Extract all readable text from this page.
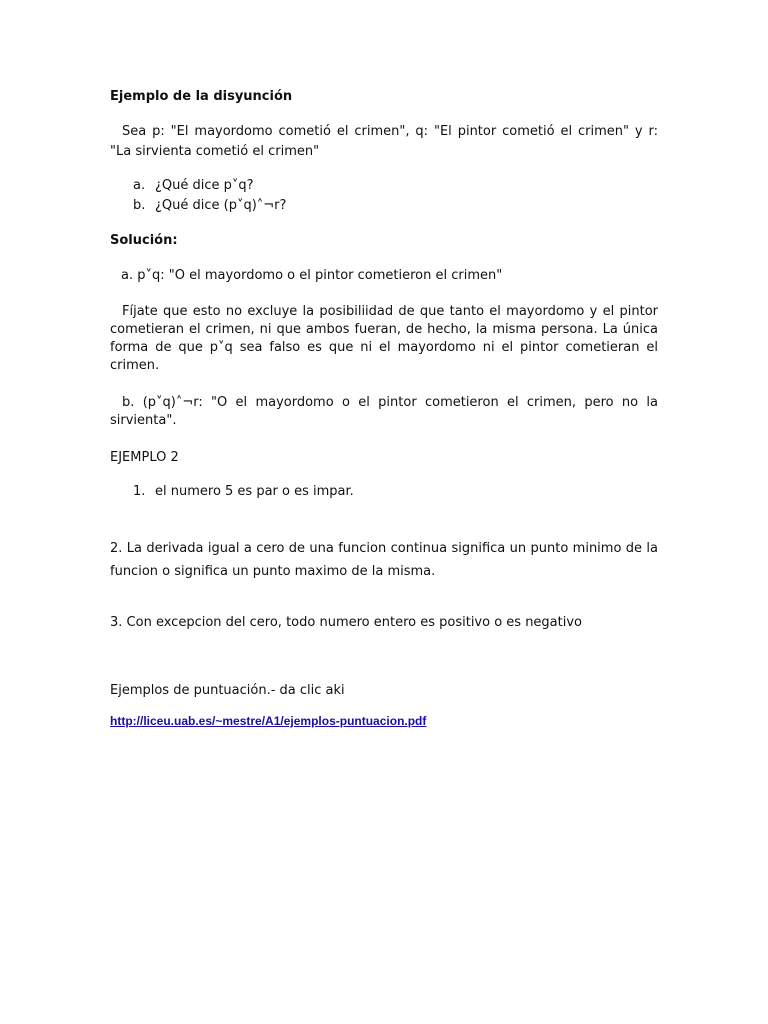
Ejemplo de la disyunción
Sea p: "El mayordomo cometió el crimen", q: "El pintor cometió el crimen" y r: "La sirvienta cometió el crimen"
a. ¿Qué dice p˅q?
b. ¿Qué dice (p˅q)˄¬r?
Solución:
a. p˅q: "O el mayordomo o el pintor cometieron el crimen"
Fíjate que esto no excluye la posibiliidad de que tanto el mayordomo y el pintor cometieran el crimen, ni que ambos fueran, de hecho, la misma persona. La única forma de que p˅q sea falso es que ni el mayordomo ni el pintor cometieran el crimen.
b. (p˅q)˄¬r: "O el mayordomo o el pintor cometieron el crimen, pero no la sirvienta".
EJEMPLO 2
1. el numero 5 es par o es impar.
2. La derivada igual a cero de una funcion continua significa un punto minimo de la funcion o significa un punto maximo de la misma.
3. Con excepcion del cero, todo numero entero es positivo o es negativo
Ejemplos de puntuación.- da clic aki
http://liceu.uab.es/~mestre/A1/ejemplos-puntuacion.pdf
